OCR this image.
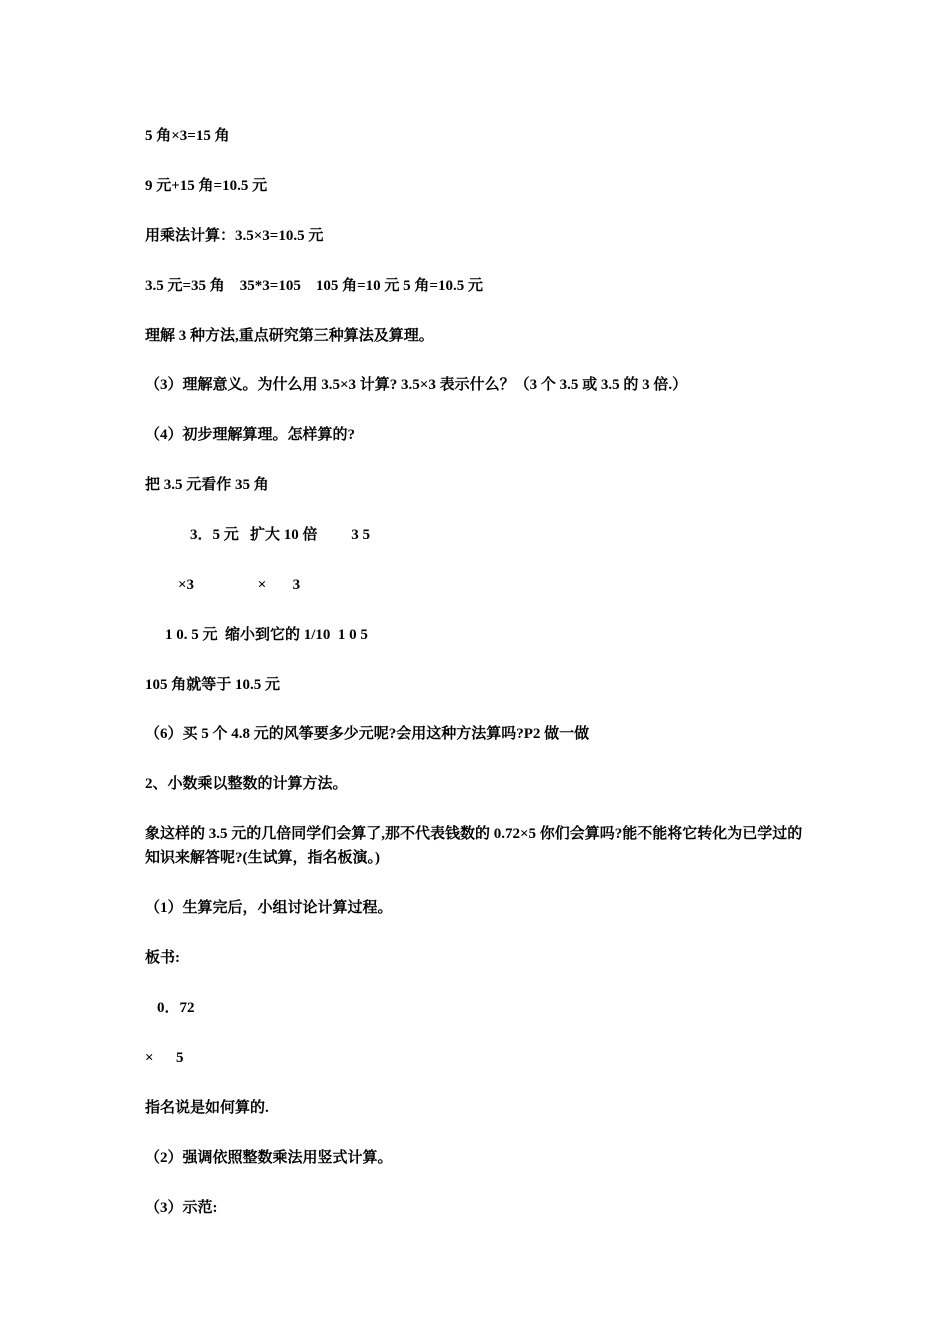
5 角×3=15 角

9 元+15 角=10.5 元

用乘法计算：3.5×3=10.5 元

3.5 元=35 角    35*3=105    105 角=10 元 5 角=10.5 元

理解 3 种方法,重点研究第三种算法及算理。

（3）理解意义。为什么用 3.5×3 计算? 3.5×3 表示什么？（3 个 3.5 或 3.5 的 3 倍.）

（4）初步理解算理。怎样算的?

把 3.5 元看作 35 角

3．5 元   扩大 10 倍         3 5

×3                 ×       3

1 0. 5 元  缩小到它的 1/10  1 0 5

105 角就等于 10.5 元

（6）买 5 个 4.8 元的风筝要多少元呢?会用这种方法算吗?P2 做一做

2、小数乘以整数的计算方法。

象这样的 3.5 元的几倍同学们会算了,那不代表钱数的 0.72×5 你们会算吗?能不能将它转化为已学过的知识来解答呢?(生试算，指名板演。)

（1）生算完后，小组讨论计算过程。

板书:

0．72

×      5

指名说是如何算的.

（2）强调依照整数乘法用竖式计算。

（3）示范:
